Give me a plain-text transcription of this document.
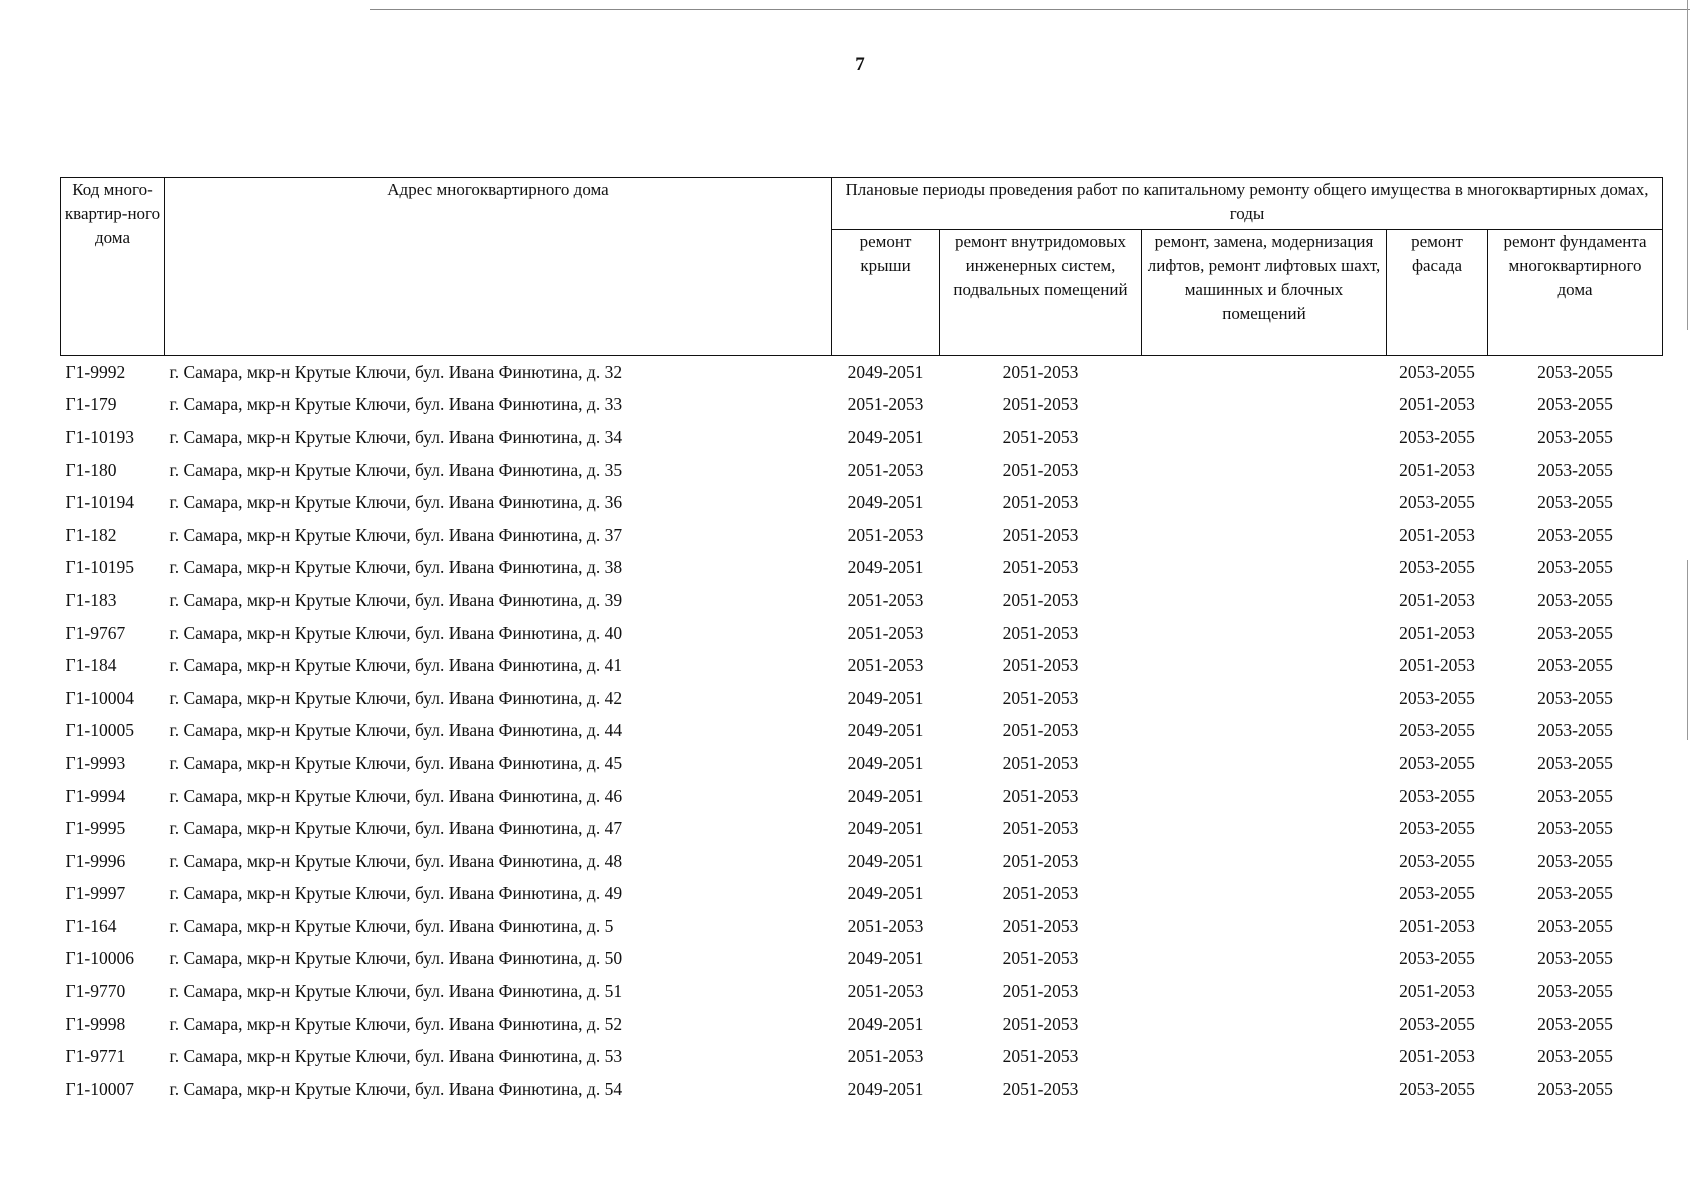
7
Код много-квартир-ного дома	Адрес многоквартирного дома	Плановые периоды проведения работ по капитальному ремонту общего имущества в многоквартирных домах, годы				
		ремонт крыши	ремонт внутридомовых инженерных систем, подвальных помещений	ремонт, замена, модернизация лифтов, ремонт лифтовых шахт, машинных и блочных помещений	ремонт фасада	ремонт фундамента многоквартирного дома
Г1-9992	г. Самара, мкр-н Крутые Ключи, бул. Ивана Финютина, д. 32	2049-2051	2051-2053		2053-2055	2053-2055
Г1-179	г. Самара, мкр-н Крутые Ключи, бул. Ивана Финютина, д. 33	2051-2053	2051-2053		2051-2053	2053-2055
Г1-10193	г. Самара, мкр-н Крутые Ключи, бул. Ивана Финютина, д. 34	2049-2051	2051-2053		2053-2055	2053-2055
Г1-180	г. Самара, мкр-н Крутые Ключи, бул. Ивана Финютина, д. 35	2051-2053	2051-2053		2051-2053	2053-2055
Г1-10194	г. Самара, мкр-н Крутые Ключи, бул. Ивана Финютина, д. 36	2049-2051	2051-2053		2053-2055	2053-2055
Г1-182	г. Самара, мкр-н Крутые Ключи, бул. Ивана Финютина, д. 37	2051-2053	2051-2053		2051-2053	2053-2055
Г1-10195	г. Самара, мкр-н Крутые Ключи, бул. Ивана Финютина, д. 38	2049-2051	2051-2053		2053-2055	2053-2055
Г1-183	г. Самара, мкр-н Крутые Ключи, бул. Ивана Финютина, д. 39	2051-2053	2051-2053		2051-2053	2053-2055
Г1-9767	г. Самара, мкр-н Крутые Ключи, бул. Ивана Финютина, д. 40	2051-2053	2051-2053		2051-2053	2053-2055
Г1-184	г. Самара, мкр-н Крутые Ключи, бул. Ивана Финютина, д. 41	2051-2053	2051-2053		2051-2053	2053-2055
Г1-10004	г. Самара, мкр-н Крутые Ключи, бул. Ивана Финютина, д. 42	2049-2051	2051-2053		2053-2055	2053-2055
Г1-10005	г. Самара, мкр-н Крутые Ключи, бул. Ивана Финютина, д. 44	2049-2051	2051-2053		2053-2055	2053-2055
Г1-9993	г. Самара, мкр-н Крутые Ключи, бул. Ивана Финютина, д. 45	2049-2051	2051-2053		2053-2055	2053-2055
Г1-9994	г. Самара, мкр-н Крутые Ключи, бул. Ивана Финютина, д. 46	2049-2051	2051-2053		2053-2055	2053-2055
Г1-9995	г. Самара, мкр-н Крутые Ключи, бул. Ивана Финютина, д. 47	2049-2051	2051-2053		2053-2055	2053-2055
Г1-9996	г. Самара, мкр-н Крутые Ключи, бул. Ивана Финютина, д. 48	2049-2051	2051-2053		2053-2055	2053-2055
Г1-9997	г. Самара, мкр-н Крутые Ключи, бул. Ивана Финютина, д. 49	2049-2051	2051-2053		2053-2055	2053-2055
Г1-164	г. Самара, мкр-н Крутые Ключи, бул. Ивана Финютина, д. 5	2051-2053	2051-2053		2051-2053	2053-2055
Г1-10006	г. Самара, мкр-н Крутые Ключи, бул. Ивана Финютина, д. 50	2049-2051	2051-2053		2053-2055	2053-2055
Г1-9770	г. Самара, мкр-н Крутые Ключи, бул. Ивана Финютина, д. 51	2051-2053	2051-2053		2051-2053	2053-2055
Г1-9998	г. Самара, мкр-н Крутые Ключи, бул. Ивана Финютина, д. 52	2049-2051	2051-2053		2053-2055	2053-2055
Г1-9771	г. Самара, мкр-н Крутые Ключи, бул. Ивана Финютина, д. 53	2051-2053	2051-2053		2051-2053	2053-2055
Г1-10007	г. Самара, мкр-н Крутые Ключи, бул. Ивана Финютина, д. 54	2049-2051	2051-2053		2053-2055	2053-2055
